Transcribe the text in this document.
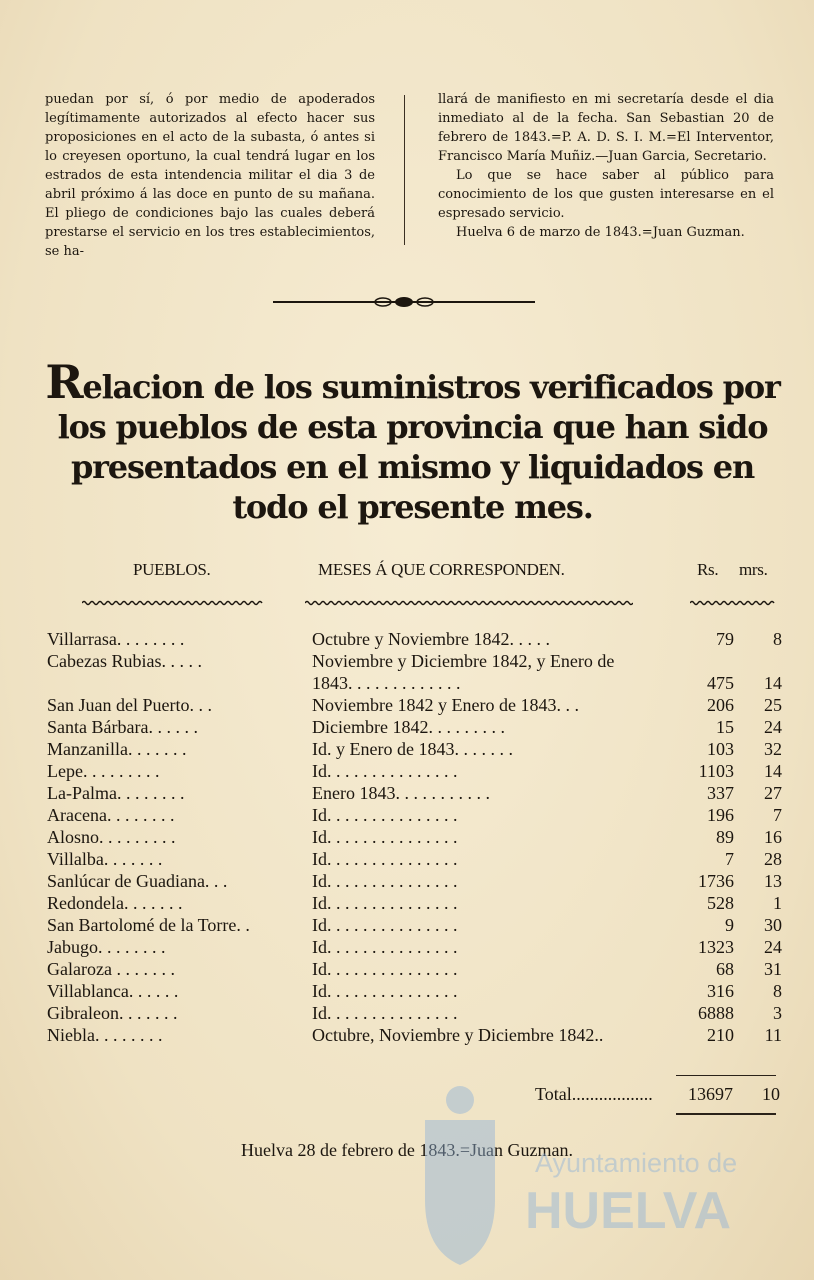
puedan por sí, ó por medio de apoderados legítimamente autorizados al efecto hacer sus proposiciones en el acto de la subasta, ó antes si lo creyesen oportuno, la cual tendrá lugar en los estrados de esta intendencia militar el dia 3 de abril próximo á las doce en punto de su mañana. El pliego de condiciones bajo las cuales deberá prestarse el servicio en los tres establecimientos, se ha-

llará de manifiesto en mi secretaría desde el dia inmediato al de la fecha. San Sebastian 20 de febrero de 1843.=P. A. D. S. I. M.=El Interventor, Francisco María Muñiz.—Juan Garcia, Secretario.

Lo que se hace saber al público para conocimiento de los que gusten interesarse en el espresado servicio.

Huelva 6 de marzo de 1843.=Juan Guzman.

Relacion de los suministros verificados por los pueblos de esta provincia que han sido presentados en el mismo y liquidados en todo el presente mes.
PUEBLOS.	MESES Á QUE CORRESPONDEN.	Rs. mrs.
Villarrasa. . . . . . . .	Octubre y Noviembre 1842. . . . .	79	8
Cabezas Rubias. . . . .	Noviembre y Diciembre 1842, y Enero de 1843. . . . . . . . . . . . .	475	14
San Juan del Puerto. . .	Noviembre 1842 y Enero de 1843. . .	206	25
Santa Bárbara. . . . . .	Diciembre 1842. . . . . . . . .	15	24
Manzanilla. . . . . . .	Id. y Enero de 1843. . . . . . .	103	32
Lepe. . . . . . . . .	Id. . . . . . . . . . . . . . .	1103	14
La-Palma. . . . . . . .	Enero 1843. . . . . . . . . . .	337	27
Aracena. . . . . . . .	Id. . . . . . . . . . . . . . .	196	7
Alosno. . . . . . . . .	Id. . . . . . . . . . . . . . .	89	16
Villalba. . . . . . .	Id. . . . . . . . . . . . . . .	7	28
Sanlúcar de Guadiana. . .	Id. . . . . . . . . . . . . . .	1736	13
Redondela. . . . . . .	Id. . . . . . . . . . . . . . .	528	1
San Bartolomé de la Torre. .	Id. . . . . . . . . . . . . . .	9	30
Jabugo. . . . . . . .	Id. . . . . . . . . . . . . . .	1323	24
Galaroza . . . . . . .	Id. . . . . . . . . . . . . . .	68	31
Villablanca. . . . . .	Id. . . . . . . . . . . . . . .	316	8
Gibraleon. . . . . . .	Id. . . . . . . . . . . . . . .	6888	3
Niebla. . . . . . . .	Octubre, Noviembre y Diciembre 1842..	210	11
Total..................	13697 10
Huelva 28 de febrero de 1843.=Juan Guzman.
Ayuntamiento de
HUELVA
